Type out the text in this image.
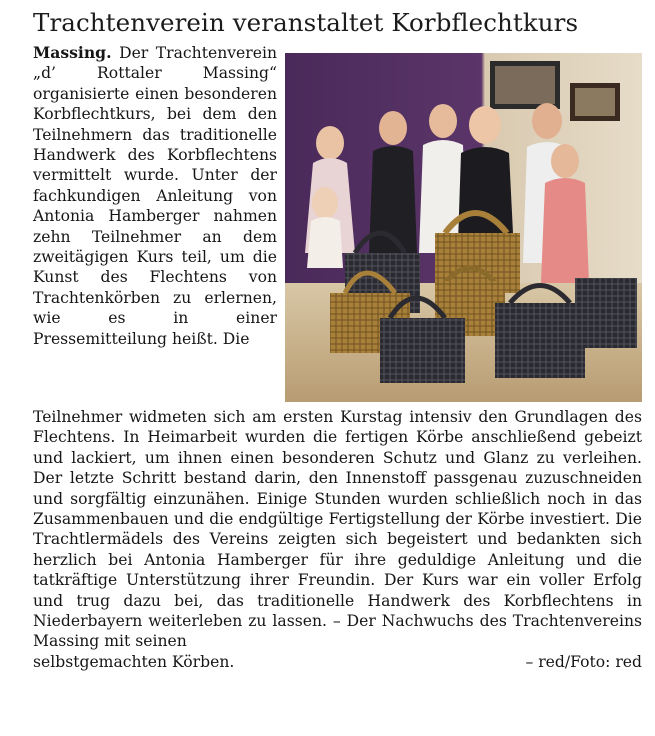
Trachtenverein veranstaltet Korbflechtkurs

Massing. Der Trachtenverein „d’ Rottaler Massing“ organisierte einen besonderen Korbflechtkurs, bei dem den Teilnehmern das traditionelle Handwerk des Korbflechtens vermittelt wurde. Unter der fachkundigen Anleitung von Antonia Hamberger nahmen zehn Teilnehmer an dem zweitägigen Kurs teil, um die Kunst des Flechtens von Trachtenkörben zu erlernen, wie es in einer Pressemitteilung heißt. Die

Teilnehmer widmeten sich am ersten Kurstag intensiv den Grundlagen des Flechtens. In Heimarbeit wurden die fertigen Körbe anschließend gebeizt und lackiert, um ihnen einen besonderen Schutz und Glanz zu verleihen. Der letzte Schritt bestand darin, den Innenstoff passgenau zuzuschneiden und sorgfältig einzunähen. Einige Stunden wurden schließlich noch in das Zusammenbauen und die endgültige Fertigstellung der Körbe investiert. Die Trachtlermädels des Vereins zeigten sich begeistert und bedankten sich herzlich bei Antonia Hamberger für ihre geduldige Anleitung und die tatkräftige Unterstützung ihrer Freundin. Der Kurs war ein voller Erfolg und trug dazu bei, das traditionelle Handwerk des Korbflechtens in Niederbayern weiterleben zu lassen. – Der Nachwuchs des Trachtenvereins Massing mit seinen

selbstgemachten Körben.	– red/Foto: red
